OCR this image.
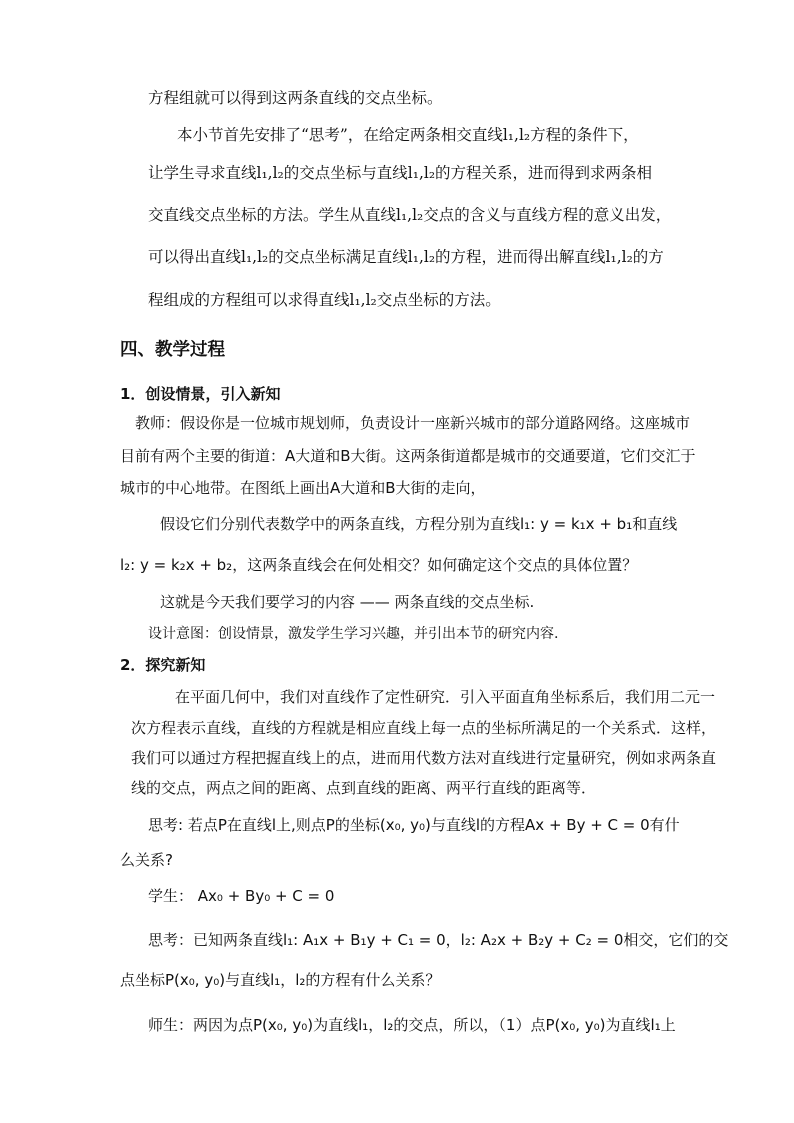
方程组就可以得到这两条直线的交点坐标。
本小节首先安排了“思考”，在给定两条相交直线l₁,l₂方程的条件下，
让学生寻求直线l₁,l₂的交点坐标与直线l₁,l₂的方程关系，进而得到求两条相
交直线交点坐标的方法。学生从直线l₁,l₂交点的含义与直线方程的意义出发，
可以得出直线l₁,l₂的交点坐标满足直线l₁,l₂的方程，进而得出解直线l₁,l₂的方
程组成的方程组可以求得直线l₁,l₂交点坐标的方法。
四、教学过程
1．创设情景，引入新知
教师：假设你是一位城市规划师，负责设计一座新兴城市的部分道路网络。这座城市
目前有两个主要的街道：A大道和B大街。这两条街道都是城市的交通要道，它们交汇于
城市的中心地带。在图纸上画出A大道和B大街的走向，
假设它们分别代表数学中的两条直线，方程分别为直线l₁: y = k₁x + b₁和直线
l₂: y = k₂x + b₂，这两条直线会在何处相交？如何确定这个交点的具体位置？
这就是今天我们要学习的内容 —— 两条直线的交点坐标.
设计意图：创设情景，激发学生学习兴趣，并引出本节的研究内容.
2．探究新知
在平面几何中，我们对直线作了定性研究．引入平面直角坐标系后，我们用二元一
次方程表示直线，直线的方程就是相应直线上每一点的坐标所满足的一个关系式．这样，
我们可以通过方程把握直线上的点，进而用代数方法对直线进行定量研究，例如求两条直
线的交点，两点之间的距离、点到直线的距离、两平行直线的距离等．
思考: 若点P在直线l上,则点P的坐标(x₀, y₀)与直线l的方程Ax + By + C = 0有什
么关系?
学生： Ax₀ + By₀ + C = 0
思考：已知两条直线l₁: A₁x + B₁y + C₁ = 0，l₂: A₂x + B₂y + C₂ = 0相交，它们的交
点坐标P(x₀, y₀)与直线l₁，l₂的方程有什么关系？
师生：两因为点P(x₀, y₀)为直线l₁，l₂的交点，所以，（1）点P(x₀, y₀)为直线l₁上
